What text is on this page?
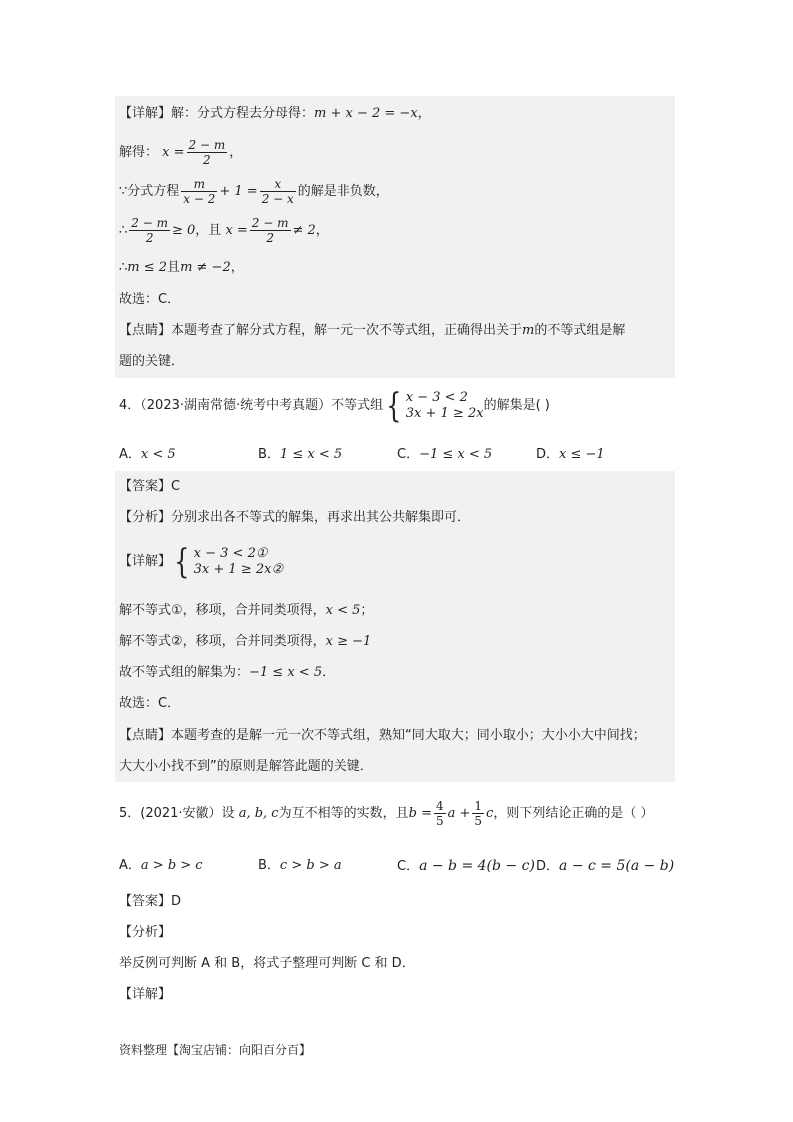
【详解】解：分式方程去分母得：m + x − 2 = −x，
解得： $x = \frac{2 - m}{2}$ ，
∵分式方程 $\frac{m}{x - 2} + 1 = \frac{x}{2 - x}$ 的解是非负数，
∴ $\frac{2 - m}{2} \ge 0$，且 $x = \frac{2 - m}{2} \ne 2$，
∴m ≤ 2且m ≠ −2，
故选：C．
【点睛】本题考查了解分式方程，解一元一次不等式组，正确得出关于m的不等式组是解
题的关键．
4．（2023·湖南常德·统考中考真题）不等式组 { x − 3 < 2
3x + 1 ≥ 2x 的解集是( )
A．x < 5	B．1 ≤ x < 5	C．−1 ≤ x < 5	D．x ≤ −1
【答案】C
【分析】分别求出各不等式的解集，再求出其公共解集即可．
【详解】 { x − 3 < 2①
3x + 1 ≥ 2x②
解不等式①，移项，合并同类项得，x < 5；
解不等式②，移项，合并同类项得，x ≥ −1
故不等式组的解集为：−1 ≤ x < 5．
故选：C．
【点睛】本题考查的是解一元一次不等式组，熟知“同大取大；同小取小；大小小大中间找；
大大小小找不到”的原则是解答此题的关键．
5．(2021·安徽）设 a, b, c为互不相等的实数，且$b = \frac{4}{5}$ $a + \frac{1}{5}$ c，则下列结论正确的是（ ）
A．a > b > c	B．c > b > a	C．a − b = 4(b − c) D．a − c = 5(a − b)
【答案】D
【分析】
举反例可判断 A 和 B，将式子整理可判断 C 和 D．
【详解】
资料整理【淘宝店铺：向阳百分百】
